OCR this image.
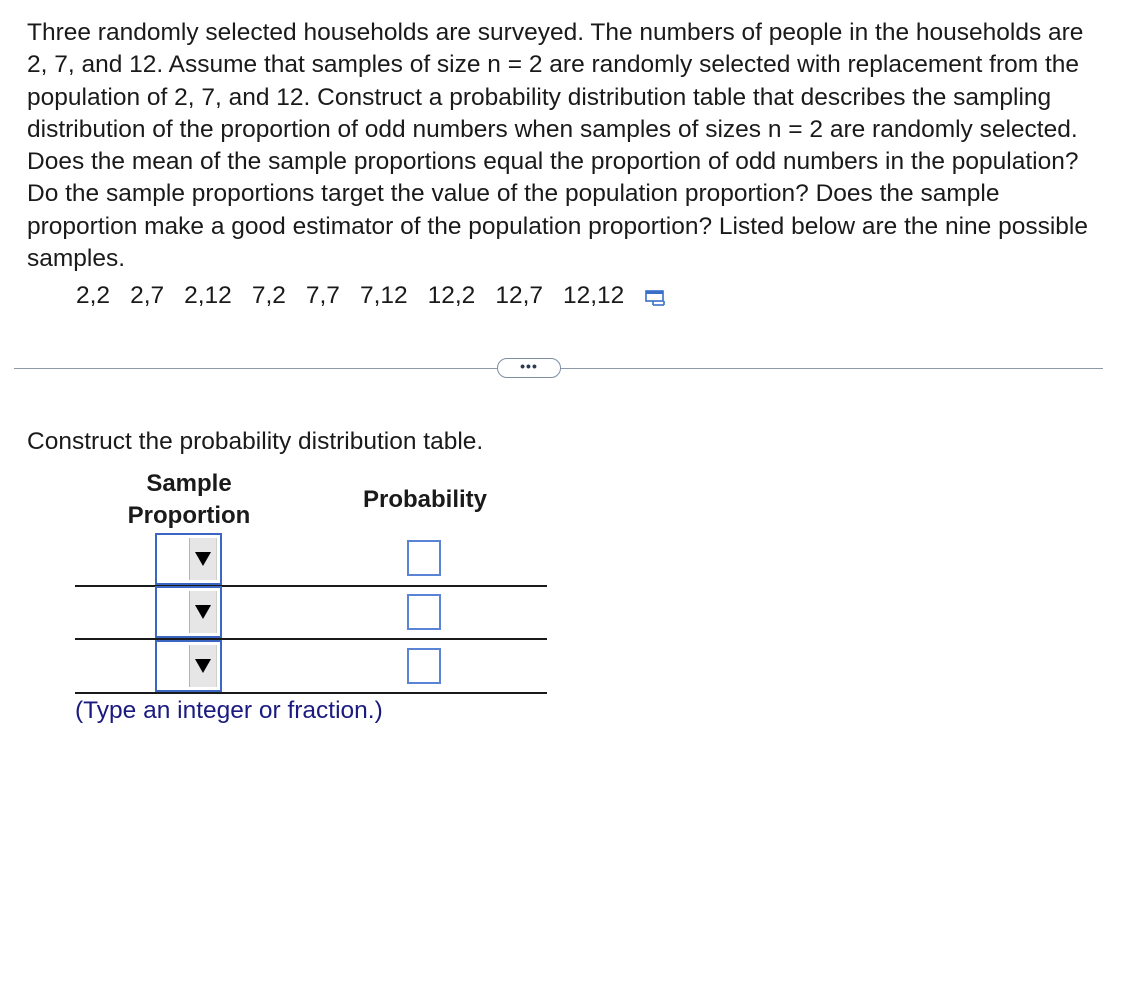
Three randomly selected households are surveyed. The numbers of people in the households are 2, 7, and 12. Assume that samples of size n = 2 are randomly selected with replacement from the population of 2, 7, and 12. Construct a probability distribution table that describes the sampling distribution of the proportion of odd numbers when samples of sizes n = 2 are randomly selected. Does the mean of the sample proportions equal the proportion of odd numbers in the population? Do the sample proportions target the value of the population proportion? Does the sample proportion make a good estimator of the population proportion? Listed below are the nine possible samples.

2,2 2,7 2,12 7,2 7,7 7,12 12,2 12,7 12,12
•••

Construct the probability distribution table.

Sample
Proportion
Probability

(Type an integer or fraction.)
